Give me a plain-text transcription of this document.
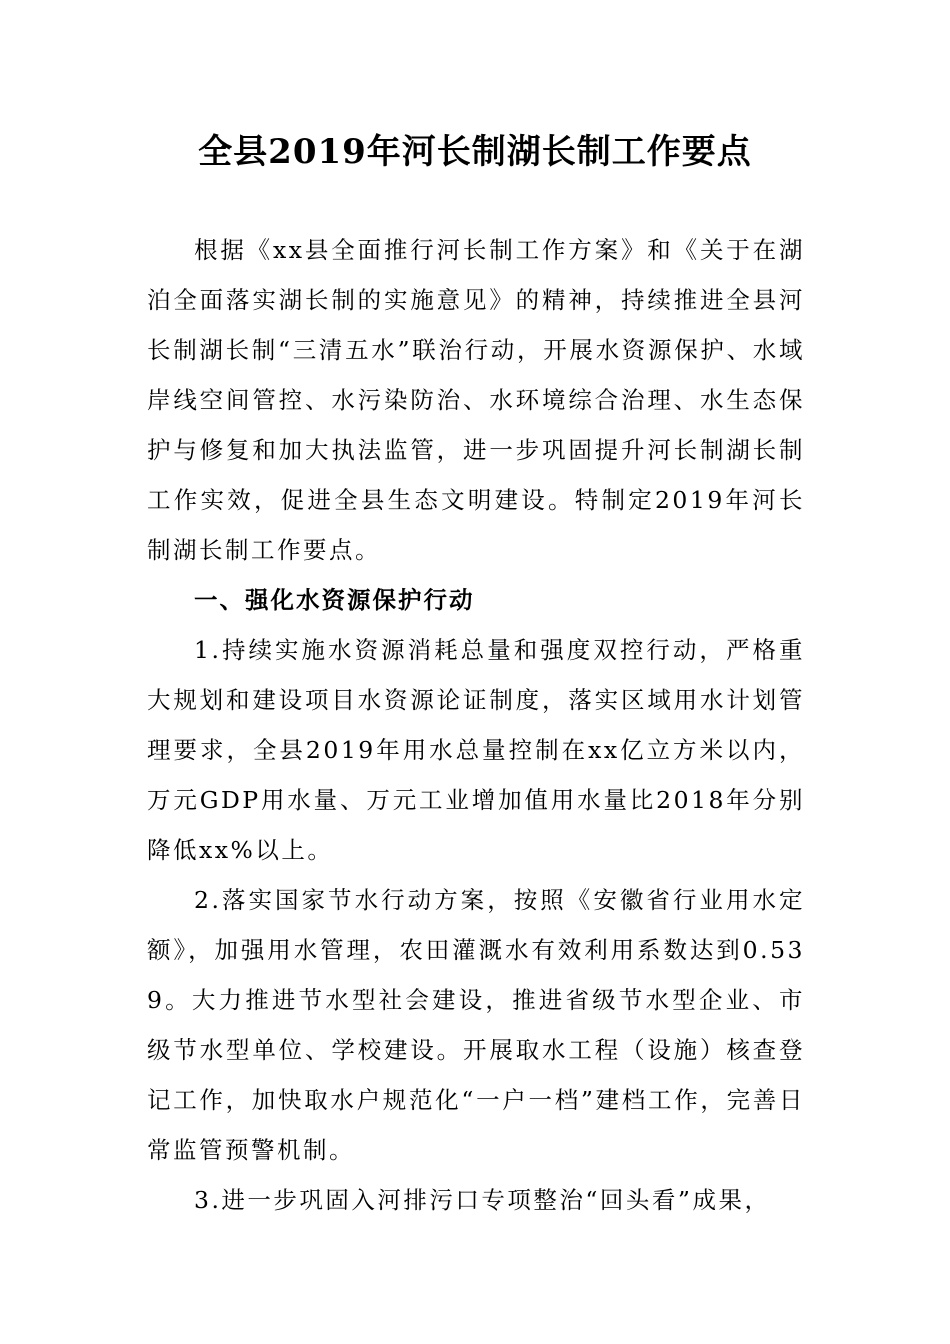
全县2019年河长制湖长制工作要点

根据《xx县全面推行河长制工作方案》和《关于在湖泊全面落实湖长制的实施意见》的精神，持续推进全县河长制湖长制“三清五水”联治行动，开展水资源保护、水域岸线空间管控、水污染防治、水环境综合治理、水生态保护与修复和加大执法监管，进一步巩固提升河长制湖长制工作实效，促进全县生态文明建设。特制定2019年河长制湖长制工作要点。

一、强化水资源保护行动

1.持续实施水资源消耗总量和强度双控行动，严格重大规划和建设项目水资源论证制度，落实区域用水计划管理要求，全县2019年用水总量控制在xx亿立方米以内，万元GDP用水量、万元工业增加值用水量比2018年分别降低xx%以上。

2.落实国家节水行动方案，按照《安徽省行业用水定额》，加强用水管理，农田灌溉水有效利用系数达到0.539。大力推进节水型社会建设，推进省级节水型企业、市级节水型单位、学校建设。开展取水工程（设施）核查登记工作，加快取水户规范化“一户一档”建档工作，完善日常监管预警机制。

3.进一步巩固入河排污口专项整治“回头看”成果，
